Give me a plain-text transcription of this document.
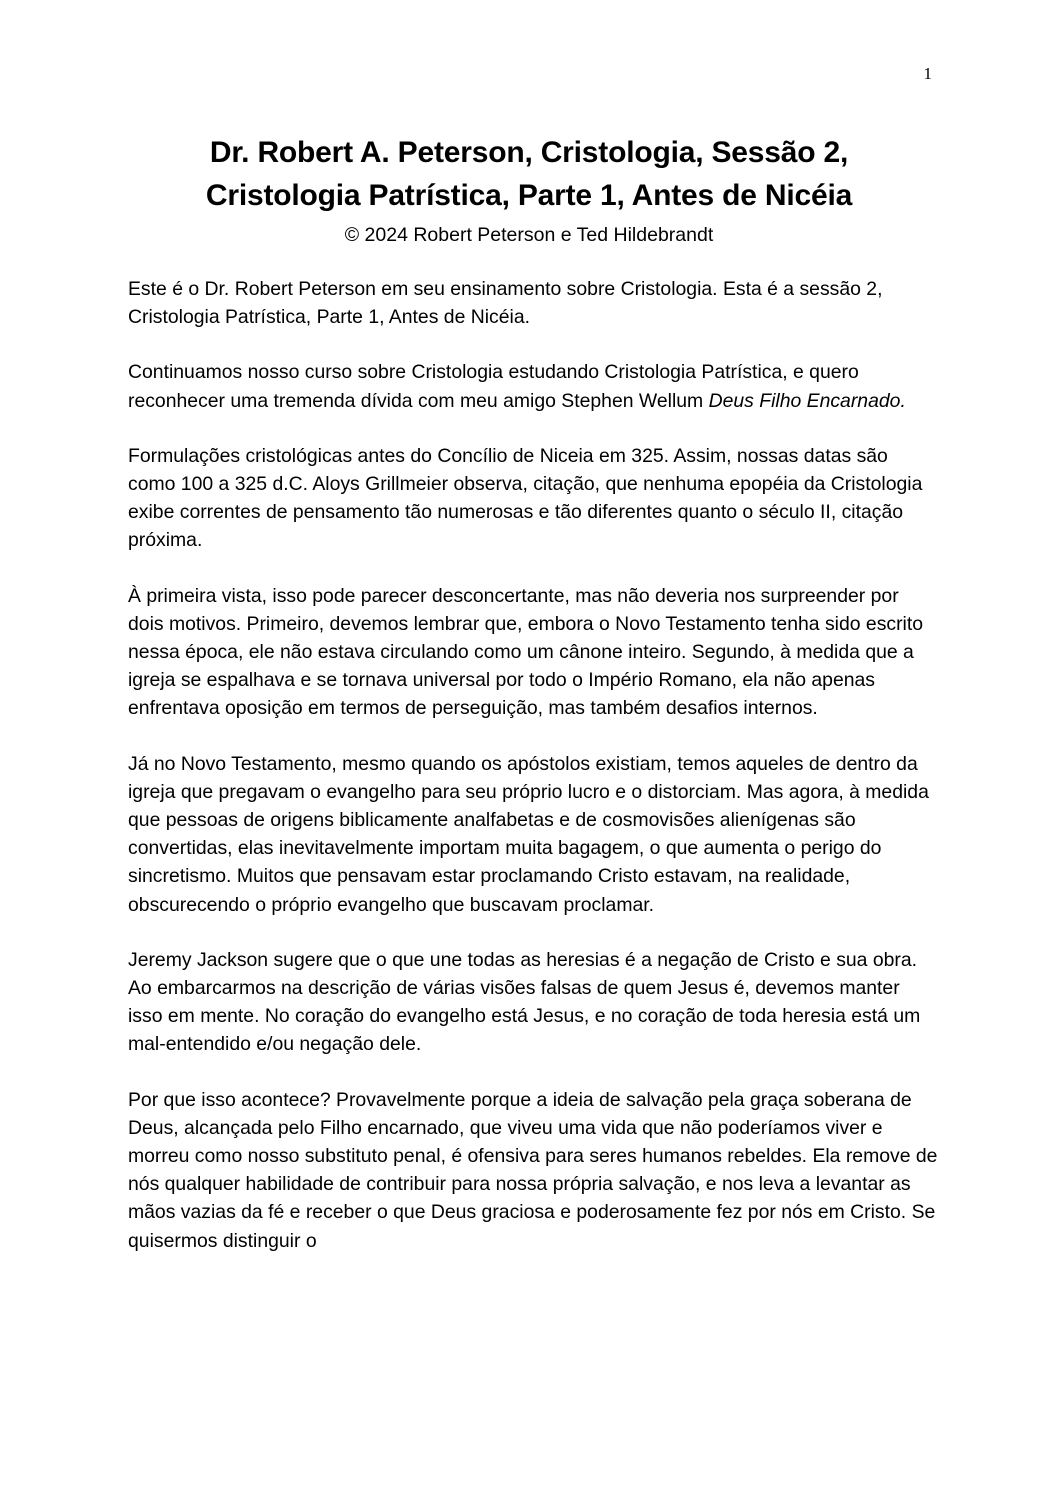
1
Dr. Robert A. Peterson, Cristologia, Sessão 2,
Cristologia Patrística, Parte 1, Antes de Nicéia
© 2024 Robert Peterson e Ted Hildebrandt

Este é o Dr. Robert Peterson em seu ensinamento sobre Cristologia. Esta é a sessão 2, Cristologia Patrística, Parte 1, Antes de Nicéia.

Continuamos nosso curso sobre Cristologia estudando Cristologia Patrística, e quero reconhecer uma tremenda dívida com meu amigo Stephen Wellum Deus Filho Encarnado.

Formulações cristológicas antes do Concílio de Niceia em 325. Assim, nossas datas são como 100 a 325 d.C. Aloys Grillmeier observa, citação, que nenhuma epopéia da Cristologia exibe correntes de pensamento tão numerosas e tão diferentes quanto o século II, citação próxima.

À primeira vista, isso pode parecer desconcertante, mas não deveria nos surpreender por dois motivos. Primeiro, devemos lembrar que, embora o Novo Testamento tenha sido escrito nessa época, ele não estava circulando como um cânone inteiro. Segundo, à medida que a igreja se espalhava e se tornava universal por todo o Império Romano, ela não apenas enfrentava oposição em termos de perseguição, mas também desafios internos.

Já no Novo Testamento, mesmo quando os apóstolos existiam, temos aqueles de dentro da igreja que pregavam o evangelho para seu próprio lucro e o distorciam. Mas agora, à medida que pessoas de origens biblicamente analfabetas e de cosmovisões alienígenas são convertidas, elas inevitavelmente importam muita bagagem, o que aumenta o perigo do sincretismo. Muitos que pensavam estar proclamando Cristo estavam, na realidade, obscurecendo o próprio evangelho que buscavam proclamar.

Jeremy Jackson sugere que o que une todas as heresias é a negação de Cristo e sua obra. Ao embarcarmos na descrição de várias visões falsas de quem Jesus é, devemos manter isso em mente. No coração do evangelho está Jesus, e no coração de toda heresia está um mal-entendido e/ou negação dele.

Por que isso acontece? Provavelmente porque a ideia de salvação pela graça soberana de Deus, alcançada pelo Filho encarnado, que viveu uma vida que não poderíamos viver e morreu como nosso substituto penal, é ofensiva para seres humanos rebeldes. Ela remove de nós qualquer habilidade de contribuir para nossa própria salvação, e nos leva a levantar as mãos vazias da fé e receber o que Deus graciosa e poderosamente fez por nós em Cristo. Se quisermos distinguir o
